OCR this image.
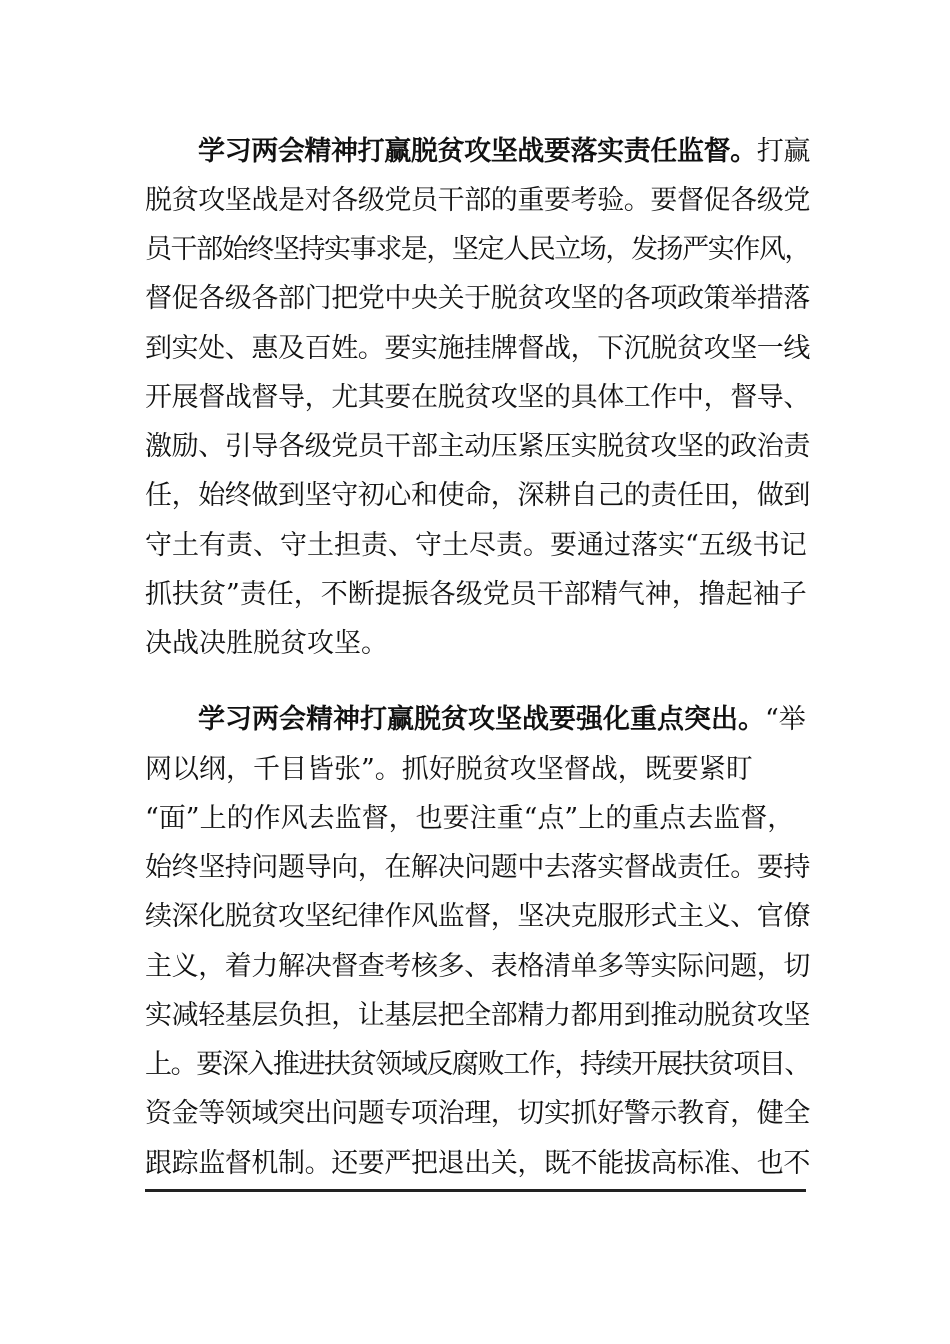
学习两会精神打赢脱贫攻坚战要落实责任监督。打赢
脱贫攻坚战是对各级党员干部的重要考验。要督促各级党
员干部始终坚持实事求是，坚定人民立场，发扬严实作风，
督促各级各部门把党中央关于脱贫攻坚的各项政策举措落
到实处、惠及百姓。要实施挂牌督战，下沉脱贫攻坚一线
开展督战督导，尤其要在脱贫攻坚的具体工作中，督导、
激励、引导各级党员干部主动压紧压实脱贫攻坚的政治责
任，始终做到坚守初心和使命，深耕自己的责任田，做到
守土有责、守土担责、守土尽责。要通过落实“五级书记
抓扶贫”责任，不断提振各级党员干部精气神，撸起袖子
决战决胜脱贫攻坚。
学习两会精神打赢脱贫攻坚战要强化重点突出。“举
网以纲，千目皆张”。抓好脱贫攻坚督战，既要紧盯
“面”上的作风去监督，也要注重“点”上的重点去监督，
始终坚持问题导向，在解决问题中去落实督战责任。要持
续深化脱贫攻坚纪律作风监督，坚决克服形式主义、官僚
主义，着力解决督查考核多、表格清单多等实际问题，切
实减轻基层负担，让基层把全部精力都用到推动脱贫攻坚
上。要深入推进扶贫领域反腐败工作，持续开展扶贫项目、
资金等领域突出问题专项治理，切实抓好警示教育，健全
跟踪监督机制。还要严把退出关，既不能拔高标准、也不
